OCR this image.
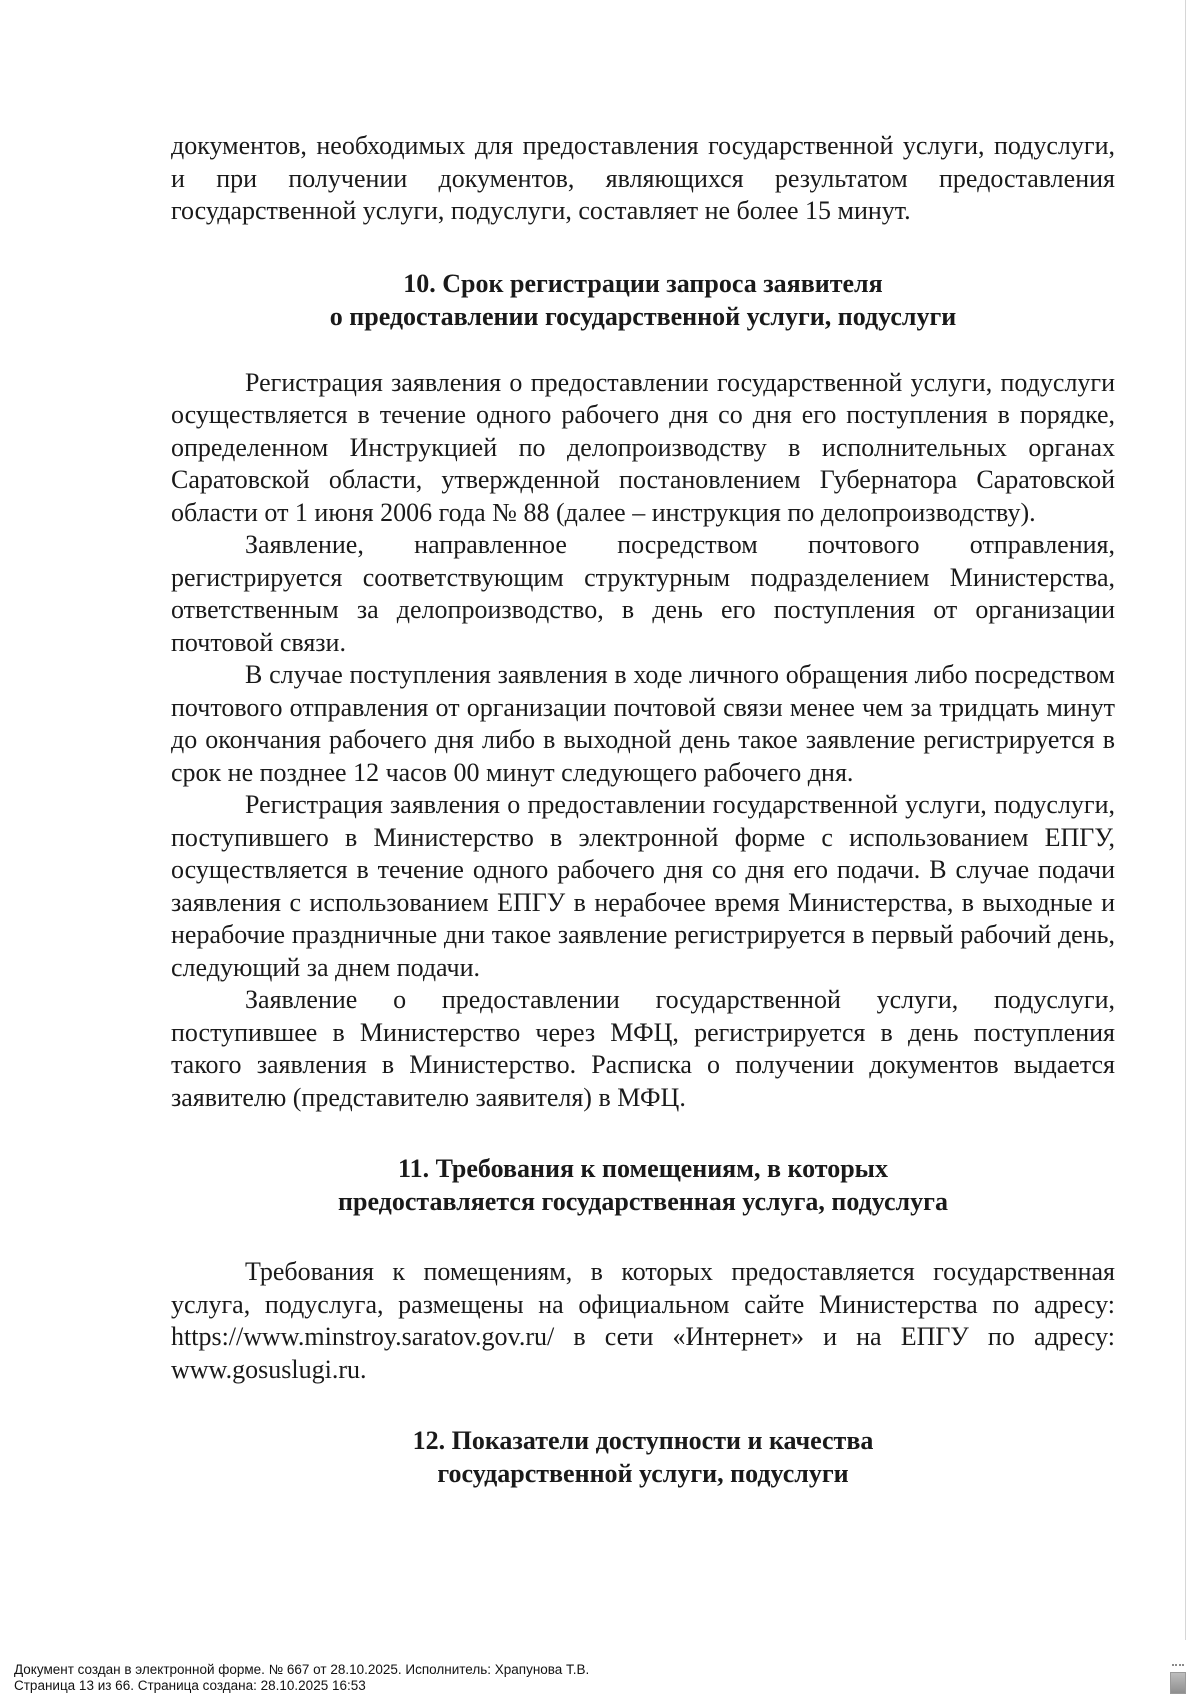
документов, необходимых для предоставления государственной услуги, подуслуги, и при получении документов, являющихся результатом предоставления государственной услуги, подуслуги, составляет не более 15 минут.

10. Срок регистрации запроса заявителя
о предоставлении государственной услуги, подуслуги

Регистрация заявления о предоставлении государственной услуги, подуслуги осуществляется в течение одного рабочего дня со дня его поступления в порядке, определенном Инструкцией по делопроизводству в исполнительных органах Саратовской области, утвержденной постановлением Губернатора Саратовской области от 1 июня 2006 года № 88 (далее – инструкция по делопроизводству).

Заявление, направленное посредством почтового отправления, регистрируется соответствующим структурным подразделением Министерства, ответственным за делопроизводство, в день его поступления от организации почтовой связи.

В случае поступления заявления в ходе личного обращения либо посредством почтового отправления от организации почтовой связи менее чем за тридцать минут до окончания рабочего дня либо в выходной день такое заявление регистрируется в срок не позднее 12 часов 00 минут следующего рабочего дня.

Регистрация заявления о предоставлении государственной услуги, подуслуги, поступившего в Министерство в электронной форме с использованием ЕПГУ, осуществляется в течение одного рабочего дня со дня его подачи. В случае подачи заявления с использованием ЕПГУ в нерабочее время Министерства, в выходные и нерабочие праздничные дни такое заявление регистрируется в первый рабочий день, следующий за днем подачи.

Заявление о предоставлении государственной услуги, подуслуги, поступившее в Министерство через МФЦ, регистрируется в день поступления такого заявления в Министерство. Расписка о получении документов выдается заявителю (представителю заявителя) в МФЦ.

11. Требования к помещениям, в которых
предоставляется государственная услуга, подуслуга

Требования к помещениям, в которых предоставляется государственная услуга, подуслуга, размещены на официальном сайте Министерства по адресу: https://www.minstroy.saratov.gov.ru/ в сети «Интернет» и на ЕПГУ по адресу: www.gosuslugi.ru.

12. Показатели доступности и качества
государственной услуги, подуслуги
Документ создан в электронной форме. № 667 от 28.10.2025. Исполнитель: Храпунова Т.В.
Страница 13 из 66. Страница создана: 28.10.2025 16:53
